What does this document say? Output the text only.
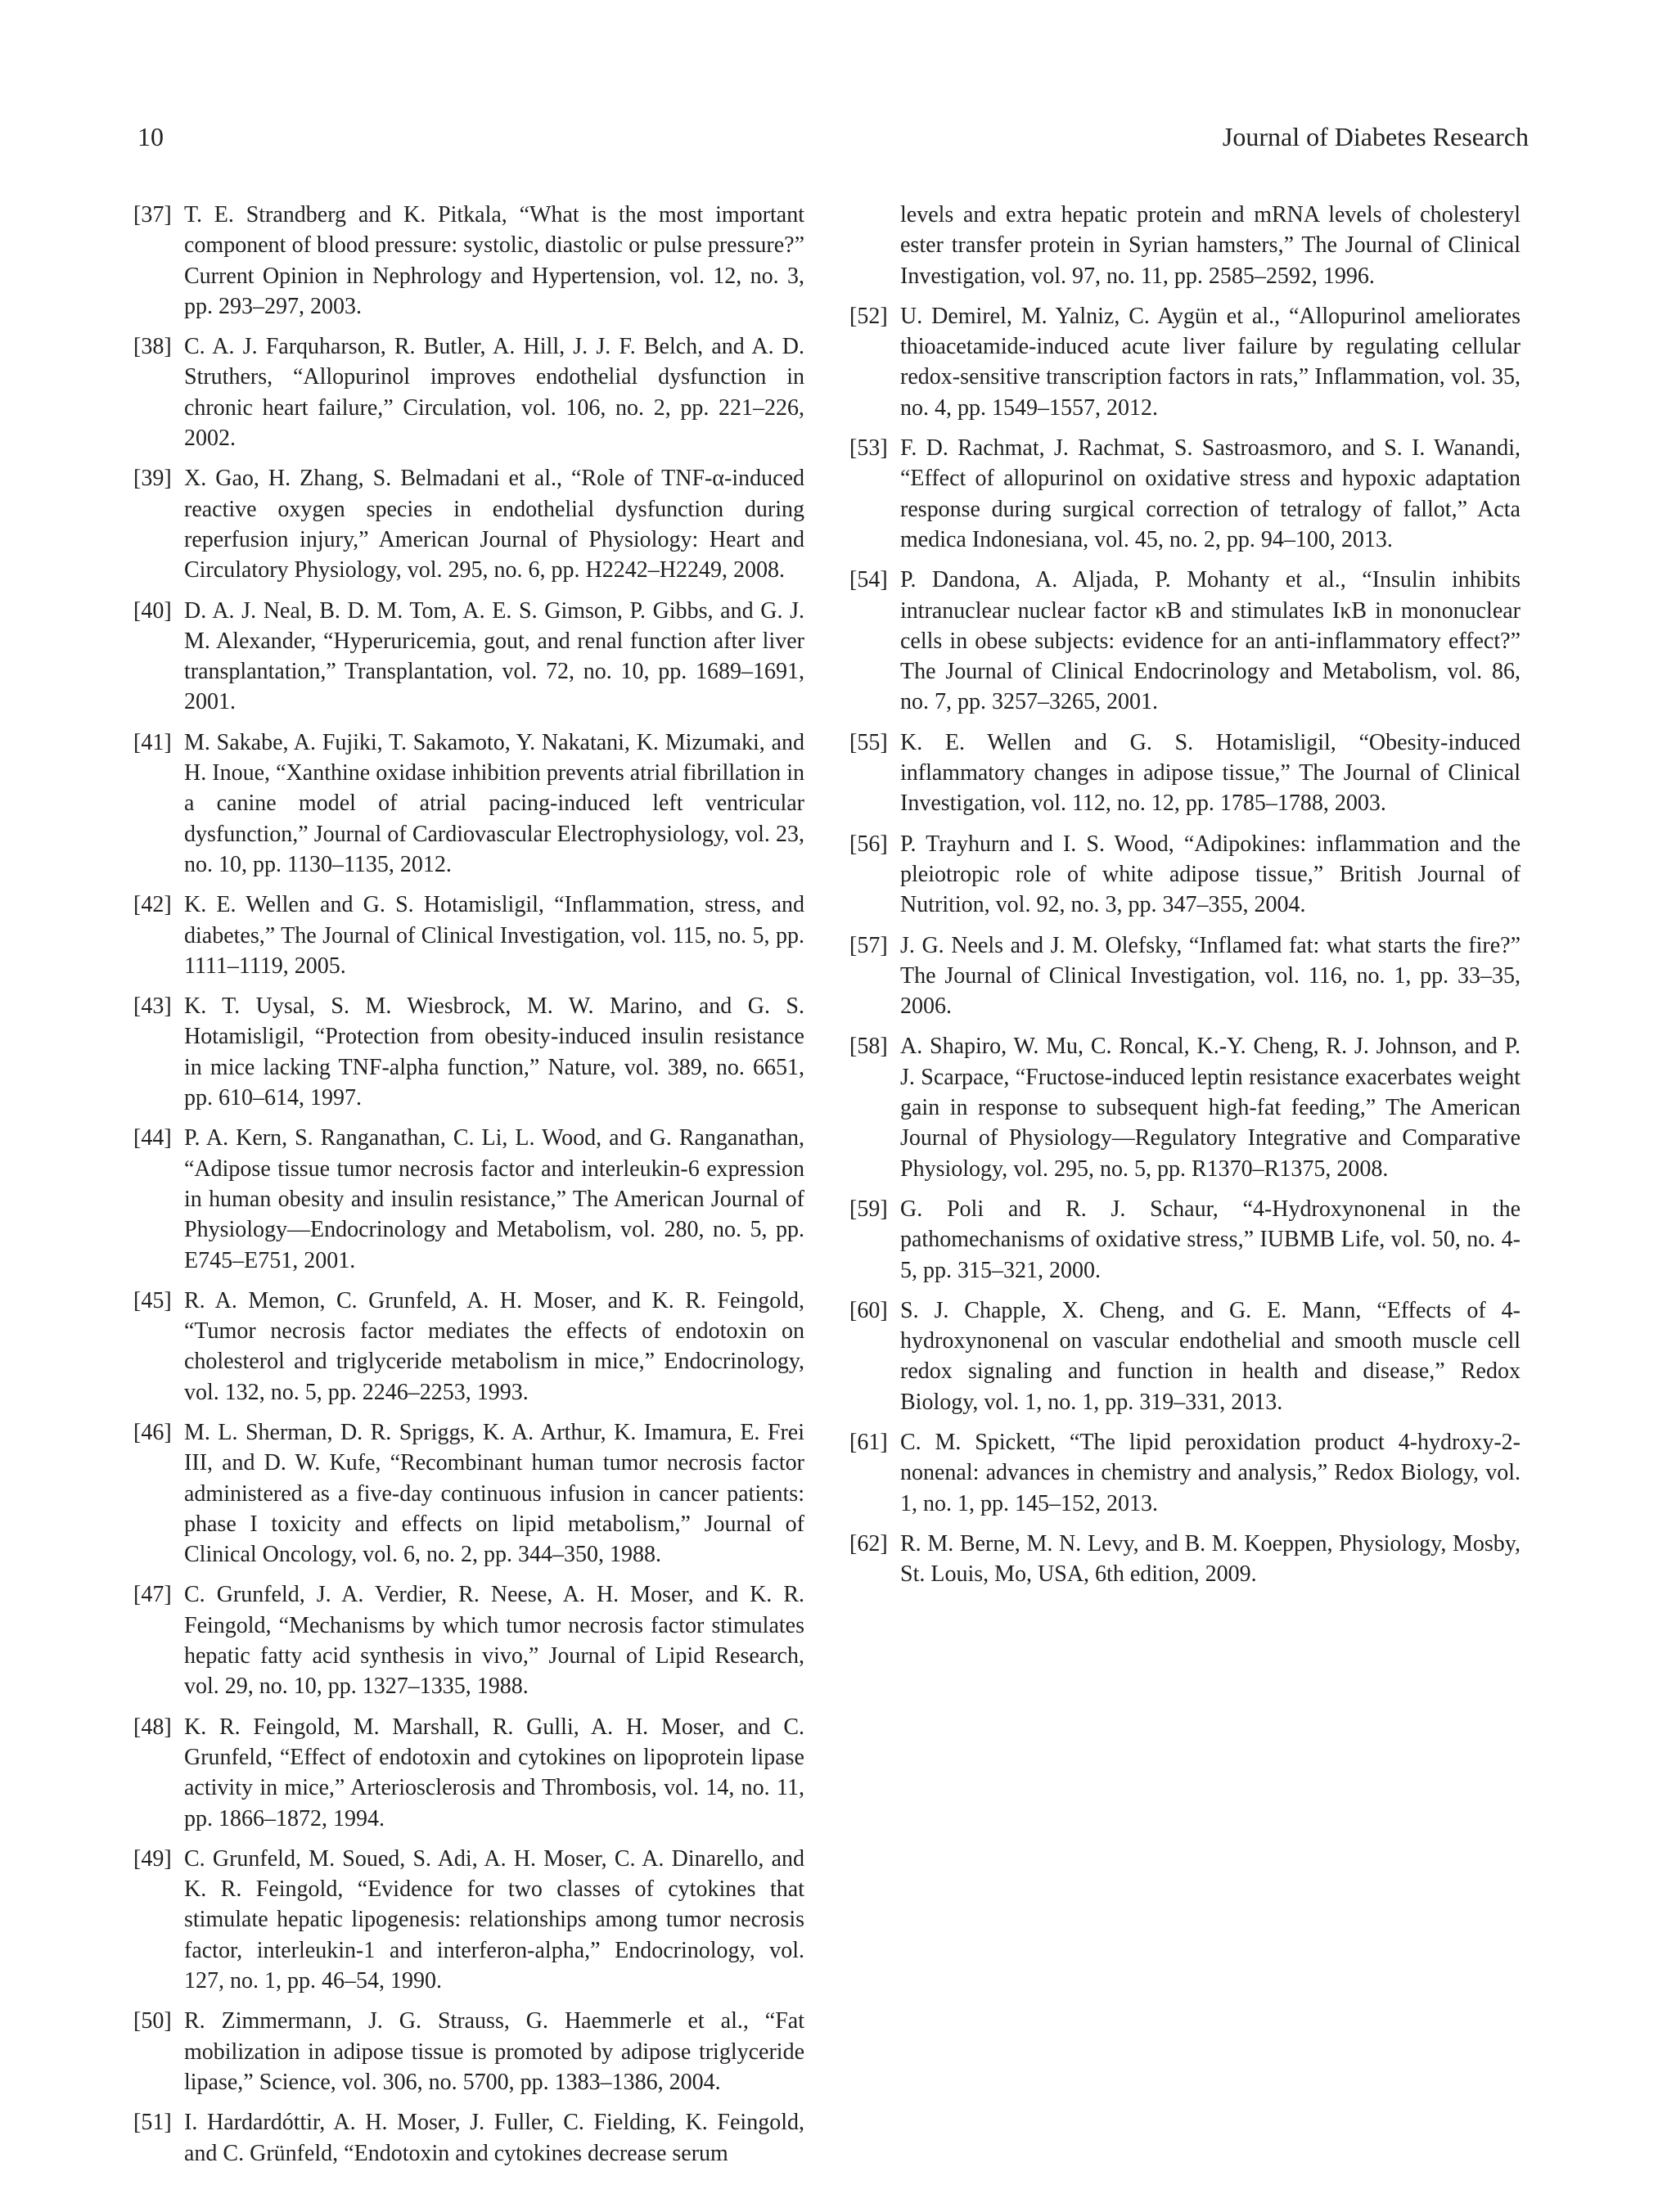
10	Journal of Diabetes Research
[37] T. E. Strandberg and K. Pitkala, “What is the most important component of blood pressure: systolic, diastolic or pulse pressure?” Current Opinion in Nephrology and Hypertension, vol. 12, no. 3, pp. 293–297, 2003.
[38] C. A. J. Farquharson, R. Butler, A. Hill, J. J. F. Belch, and A. D. Struthers, “Allopurinol improves endothelial dysfunction in chronic heart failure,” Circulation, vol. 106, no. 2, pp. 221–226, 2002.
[39] X. Gao, H. Zhang, S. Belmadani et al., “Role of TNF-α-induced reactive oxygen species in endothelial dysfunction during reperfusion injury,” American Journal of Physiology: Heart and Circulatory Physiology, vol. 295, no. 6, pp. H2242–H2249, 2008.
[40] D. A. J. Neal, B. D. M. Tom, A. E. S. Gimson, P. Gibbs, and G. J. M. Alexander, “Hyperuricemia, gout, and renal function after liver transplantation,” Transplantation, vol. 72, no. 10, pp. 1689–1691, 2001.
[41] M. Sakabe, A. Fujiki, T. Sakamoto, Y. Nakatani, K. Mizumaki, and H. Inoue, “Xanthine oxidase inhibition prevents atrial fibrillation in a canine model of atrial pacing-induced left ventricular dysfunction,” Journal of Cardiovascular Electrophysiology, vol. 23, no. 10, pp. 1130–1135, 2012.
[42] K. E. Wellen and G. S. Hotamisligil, “Inflammation, stress, and diabetes,” The Journal of Clinical Investigation, vol. 115, no. 5, pp. 1111–1119, 2005.
[43] K. T. Uysal, S. M. Wiesbrock, M. W. Marino, and G. S. Hotamisligil, “Protection from obesity-induced insulin resistance in mice lacking TNF-alpha function,” Nature, vol. 389, no. 6651, pp. 610–614, 1997.
[44] P. A. Kern, S. Ranganathan, C. Li, L. Wood, and G. Ranganathan, “Adipose tissue tumor necrosis factor and interleukin-6 expression in human obesity and insulin resistance,” The American Journal of Physiology—Endocrinology and Metabolism, vol. 280, no. 5, pp. E745–E751, 2001.
[45] R. A. Memon, C. Grunfeld, A. H. Moser, and K. R. Feingold, “Tumor necrosis factor mediates the effects of endotoxin on cholesterol and triglyceride metabolism in mice,” Endocrinology, vol. 132, no. 5, pp. 2246–2253, 1993.
[46] M. L. Sherman, D. R. Spriggs, K. A. Arthur, K. Imamura, E. Frei III, and D. W. Kufe, “Recombinant human tumor necrosis factor administered as a five-day continuous infusion in cancer patients: phase I toxicity and effects on lipid metabolism,” Journal of Clinical Oncology, vol. 6, no. 2, pp. 344–350, 1988.
[47] C. Grunfeld, J. A. Verdier, R. Neese, A. H. Moser, and K. R. Feingold, “Mechanisms by which tumor necrosis factor stimulates hepatic fatty acid synthesis in vivo,” Journal of Lipid Research, vol. 29, no. 10, pp. 1327–1335, 1988.
[48] K. R. Feingold, M. Marshall, R. Gulli, A. H. Moser, and C. Grunfeld, “Effect of endotoxin and cytokines on lipoprotein lipase activity in mice,” Arteriosclerosis and Thrombosis, vol. 14, no. 11, pp. 1866–1872, 1994.
[49] C. Grunfeld, M. Soued, S. Adi, A. H. Moser, C. A. Dinarello, and K. R. Feingold, “Evidence for two classes of cytokines that stimulate hepatic lipogenesis: relationships among tumor necrosis factor, interleukin-1 and interferon-alpha,” Endocrinology, vol. 127, no. 1, pp. 46–54, 1990.
[50] R. Zimmermann, J. G. Strauss, G. Haemmerle et al., “Fat mobilization in adipose tissue is promoted by adipose triglyceride lipase,” Science, vol. 306, no. 5700, pp. 1383–1386, 2004.
[51] I. Hardardóttir, A. H. Moser, J. Fuller, C. Fielding, K. Feingold, and C. Grünfeld, “Endotoxin and cytokines decrease serum
levels and extra hepatic protein and mRNA levels of cholesteryl ester transfer protein in Syrian hamsters,” The Journal of Clinical Investigation, vol. 97, no. 11, pp. 2585–2592, 1996.
[52] U. Demirel, M. Yalniz, C. Aygün et al., “Allopurinol ameliorates thioacetamide-induced acute liver failure by regulating cellular redox-sensitive transcription factors in rats,” Inflammation, vol. 35, no. 4, pp. 1549–1557, 2012.
[53] F. D. Rachmat, J. Rachmat, S. Sastroasmoro, and S. I. Wanandi, “Effect of allopurinol on oxidative stress and hypoxic adaptation response during surgical correction of tetralogy of fallot,” Acta medica Indonesiana, vol. 45, no. 2, pp. 94–100, 2013.
[54] P. Dandona, A. Aljada, P. Mohanty et al., “Insulin inhibits intranuclear nuclear factor κB and stimulates IκB in mononuclear cells in obese subjects: evidence for an anti-inflammatory effect?” The Journal of Clinical Endocrinology and Metabolism, vol. 86, no. 7, pp. 3257–3265, 2001.
[55] K. E. Wellen and G. S. Hotamisligil, “Obesity-induced inflammatory changes in adipose tissue,” The Journal of Clinical Investigation, vol. 112, no. 12, pp. 1785–1788, 2003.
[56] P. Trayhurn and I. S. Wood, “Adipokines: inflammation and the pleiotropic role of white adipose tissue,” British Journal of Nutrition, vol. 92, no. 3, pp. 347–355, 2004.
[57] J. G. Neels and J. M. Olefsky, “Inflamed fat: what starts the fire?” The Journal of Clinical Investigation, vol. 116, no. 1, pp. 33–35, 2006.
[58] A. Shapiro, W. Mu, C. Roncal, K.-Y. Cheng, R. J. Johnson, and P. J. Scarpace, “Fructose-induced leptin resistance exacerbates weight gain in response to subsequent high-fat feeding,” The American Journal of Physiology—Regulatory Integrative and Comparative Physiology, vol. 295, no. 5, pp. R1370–R1375, 2008.
[59] G. Poli and R. J. Schaur, “4-Hydroxynonenal in the pathomechanisms of oxidative stress,” IUBMB Life, vol. 50, no. 4-5, pp. 315–321, 2000.
[60] S. J. Chapple, X. Cheng, and G. E. Mann, “Effects of 4-hydroxynonenal on vascular endothelial and smooth muscle cell redox signaling and function in health and disease,” Redox Biology, vol. 1, no. 1, pp. 319–331, 2013.
[61] C. M. Spickett, “The lipid peroxidation product 4-hydroxy-2-nonenal: advances in chemistry and analysis,” Redox Biology, vol. 1, no. 1, pp. 145–152, 2013.
[62] R. M. Berne, M. N. Levy, and B. M. Koeppen, Physiology, Mosby, St. Louis, Mo, USA, 6th edition, 2009.
